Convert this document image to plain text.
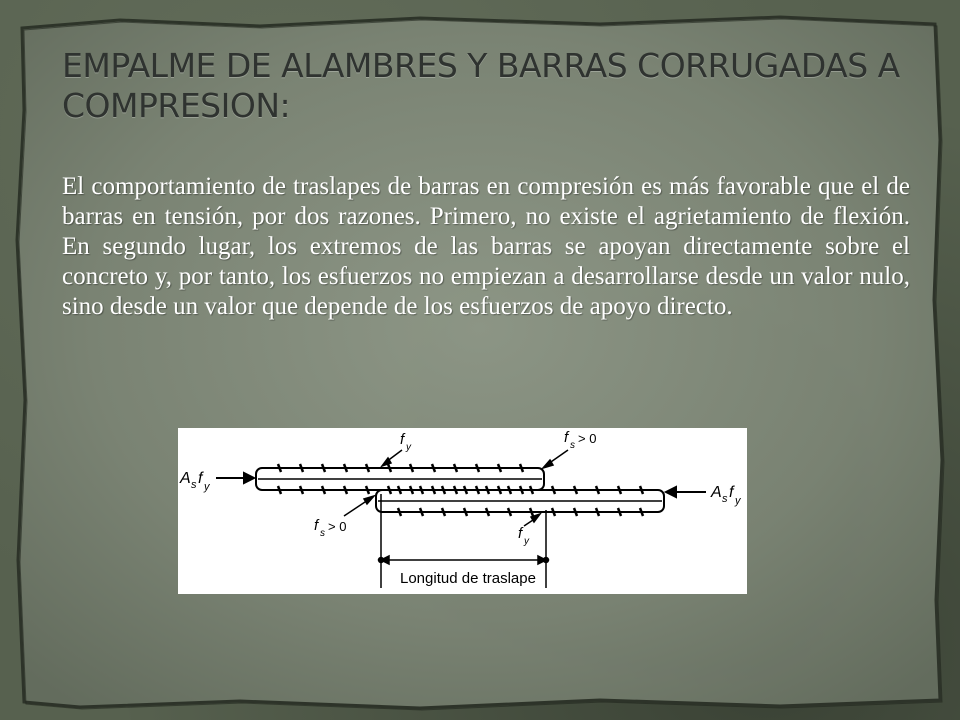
EMPALME DE ALAMBRES Y BARRAS CORRUGADAS A COMPRESION:
El comportamiento de traslapes de barras en compresión es más favorable que el de barras en tensión, por dos razones. Primero, no existe el agrietamiento de flexión. En segundo lugar, los extremos de las barras se apoyan directamente sobre el concreto y, por tanto, los esfuerzos no empiezan a desarrollarse desde un valor nulo, sino desde un valor que depende de los esfuerzos de apoyo directo.
A s f y	A s f y
f y
f s > 0
f s > 0	f y
Longitud de traslape
